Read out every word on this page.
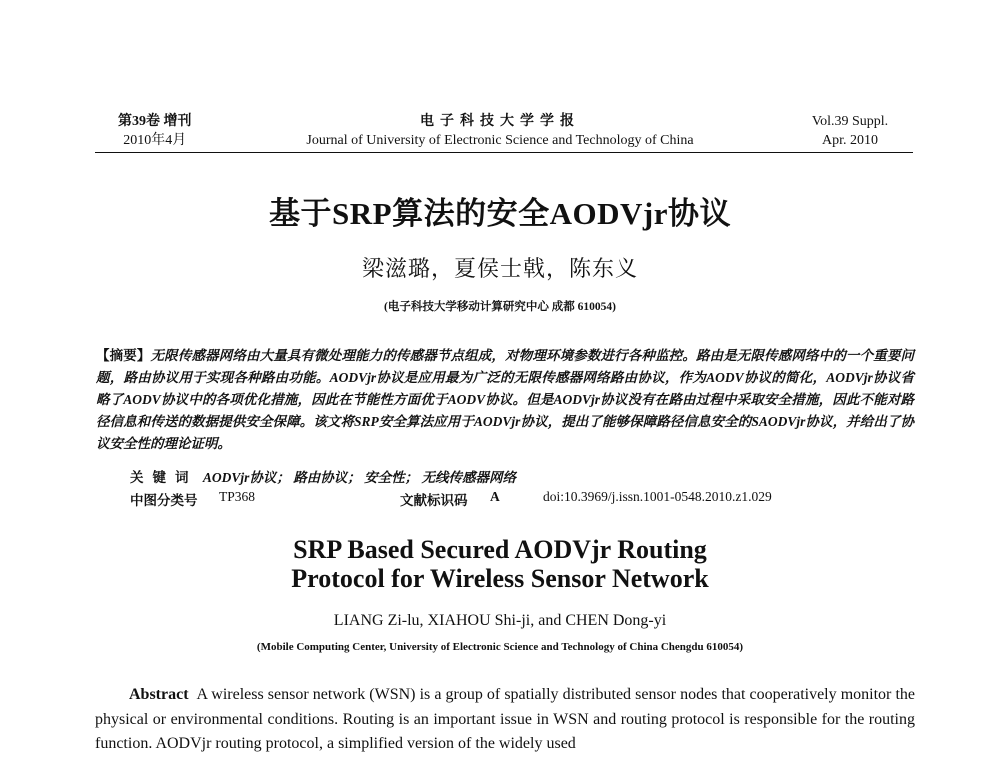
第39卷 增刊
2010年4月
电子科技大学学报
Journal of University of Electronic Science and Technology of China
Vol.39 Suppl.
Apr. 2010
基于SRP算法的安全AODVjr协议
梁滋璐，夏侯士戟，陈东义
(电子科技大学移动计算研究中心 成都 610054)
【摘要】无限传感器网络由大量具有微处理能力的传感器节点组成，对物理环境参数进行各种监控。路由是无限传感网络中的一个重要问题，路由协议用于实现各种路由功能。AODVjr协议是应用最为广泛的无限传感器网络路由协议，作为AODV协议的简化，AODVjr协议省略了AODV协议中的各项优化措施，因此在节能性方面优于AODV协议。但是AODVjr协议没有在路由过程中采取安全措施，因此不能对路径信息和传送的数据提供安全保障。该文将SRP安全算法应用于AODVjr协议，提出了能够保障路径信息安全的SAODVjr协议，并给出了协议安全性的理论证明。
关键词 AODVjr协议； 路由协议； 安全性； 无线传感器网络
中图分类号 TP368	文献标识码 A	doi:10.3969/j.issn.1001-0548.2010.z1.029
SRP Based Secured AODVjr Routing
Protocol for Wireless Sensor Network
LIANG Zi-lu, XIAHOU Shi-ji, and CHEN Dong-yi
(Mobile Computing Center, University of Electronic Science and Technology of China Chengdu 610054)
Abstract A wireless sensor network (WSN) is a group of spatially distributed sensor nodes that cooperatively monitor the physical or environmental conditions. Routing is an important issue in WSN and routing protocol is responsible for the routing function. AODVjr routing protocol, a simplified version of the widely used
